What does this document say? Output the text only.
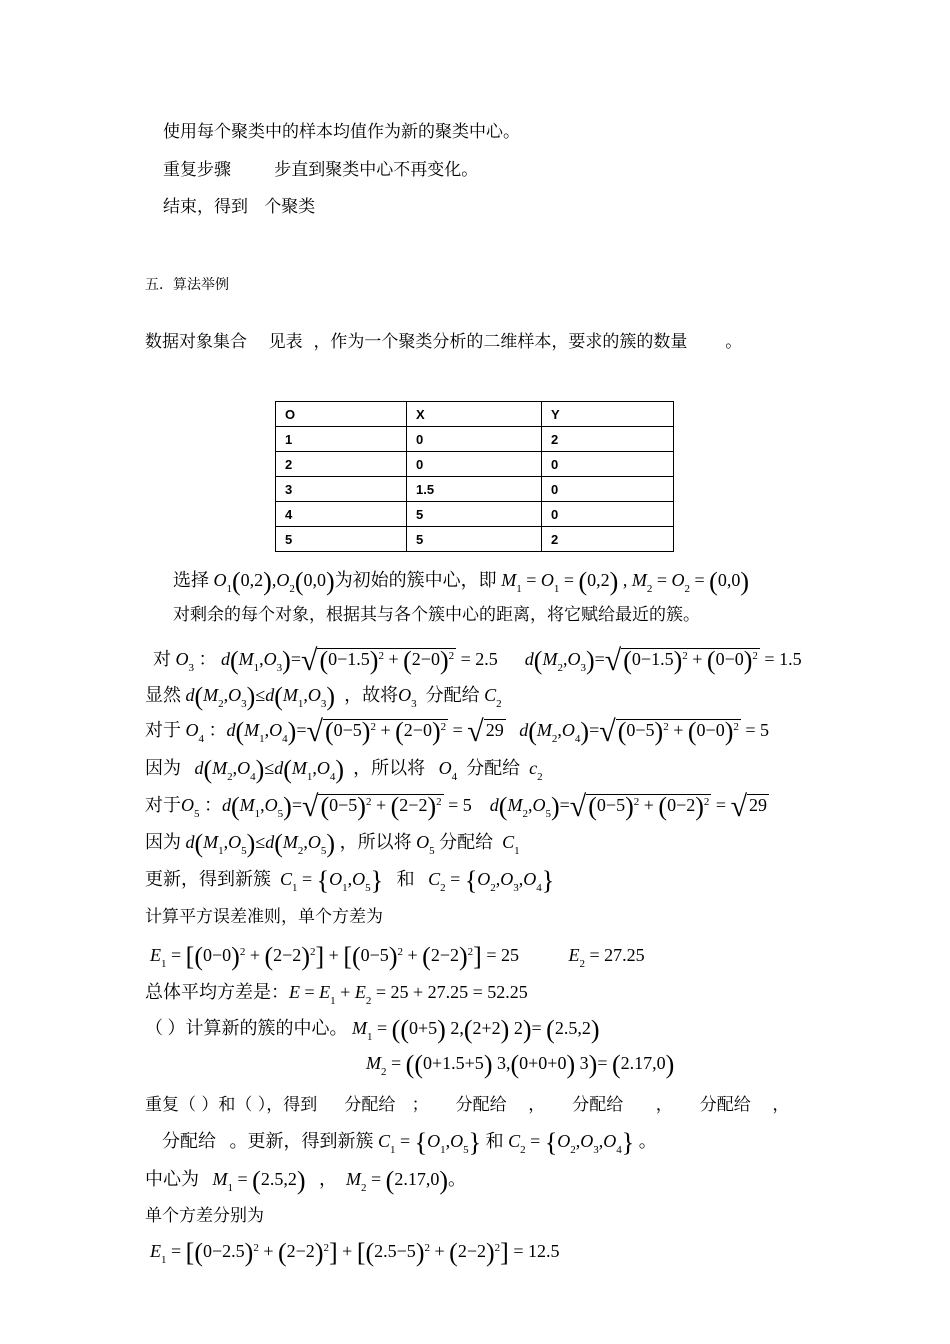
使用每个聚类中的样本均值作为新的聚类中心。
重复步骤	步直到聚类中心不再变化。
结束，得到 个聚类
五．算法举例
数据对象集合 见表 ，作为一个聚类分析的二维样本，要求的簇的数量 。
O	X	Y
1	0	2
2	0	0
3	1.5	0
4	5	0
5	5	2
选择 $O_1(0,2),O_2(0,0)$为初始的簇中心，即 $M_1 = O_1 = (0,2)$ , $M_2 = O_2 = (0,0)$
对剩余的每个对象，根据其与各个簇中心的距离，将它赋给最近的簇。
对 $O_3$ ： $d(M_1,O_3)=√(0-1.5)^2 + (2-0)^2 = 2.5$ $d(M_2,O_3)=√(0-1.5)^2 + (0-0)^2 = 1.5$
显然 $d(M_2,O_3)\le d(M_1,O_3)$ ，故将$O_3$ 分配给 $C_2$
对于 $O_4$ ：$d(M_1,O_4)=√(0-5)^2 + (2-0)^2$ = √ 29 $d(M_2,O_4)=√(0-5)^2 + (0-0)^2 = 5$
因为 $d(M_2,O_4)\le d(M_1,O_4)$ ，所以将 $O_4$ 分配给 $c_2$
对于$O_5$ ：$d(M_1,O_5)=√(0-5)^2 + (2-2)^2 = 5$ $d(M_2,O_5)=√(0-5)^2 + (0-2)^2$ = √ 29
因为 $d(M_1,O_5)\le d(M_2,O_5)$ ，所以将 $O_5$ 分配给 $C_1$
更新，得到新簇 $C_1 = \{O_1,O_5\}$ 和 $C_2 = \{O_2,O_3,O_4\}$
计算平方误差准则，单个方差为
$E_1 = [(0-0)^2 + (2-2)^2] + [(0-5)^2 + (2-2)^2] = 25$	$E_2 = 27.25$
总体平均方差是：$E = E_1 + E_2 = 25 + 27.25 = 52.25$
（ ）计算新的簇的中心。 $M_1 = ((0+5)$ 2,(2+2) 2)= (2.5,2)
$M_2 = ((0+1.5+5)$ 3,(0+0+0) 3)= (2.17,0)
重复（ ）和（ ），得到 分配给 ； 分配给 ， 分配给 ， 分配给 ，
分配给 。更新，得到新簇 $C_1 = \{O_1,O_5\}$ 和 $C_2 = \{O_2,O_3,O_4\}$ 。
中心为 $M_1 = (2.5,2)$   ，  $M_2 = (2.17,0)$。
单个方差分别为
$E_1 = [(0-2.5)^2 + (2-2)^2] + [(2.5-5)^2 + (2-2)^2] = 12.5$
